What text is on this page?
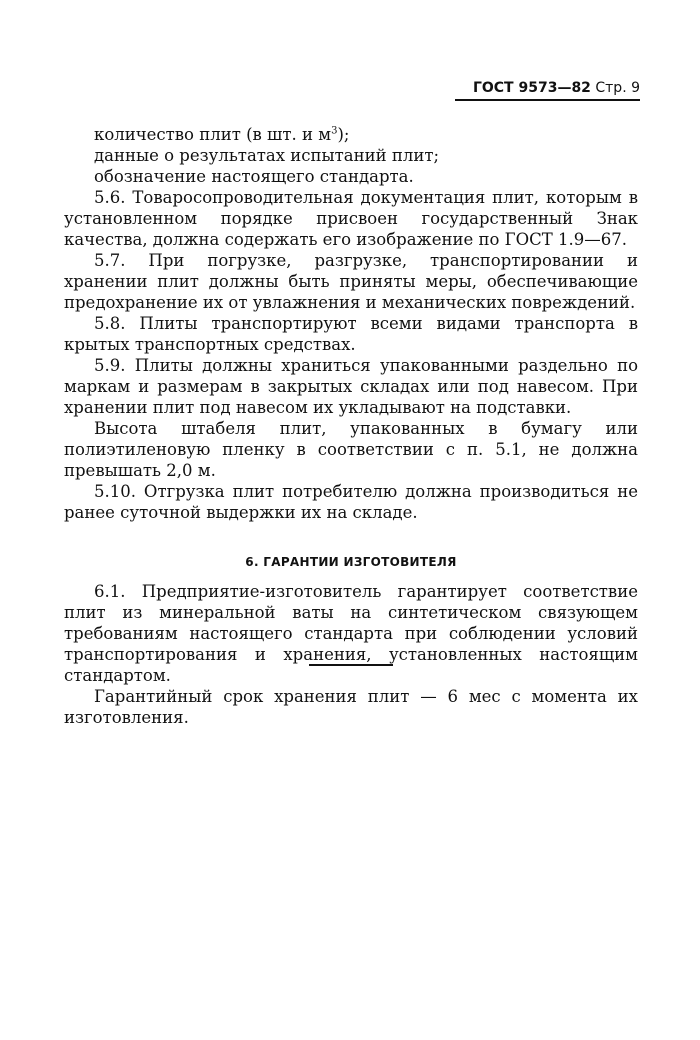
ГОСТ 9573—82 Стр. 9

количество плит (в шт. и $м^3$);

данные о результатах испытаний плит;

обозначение настоящего стандарта.

5.6. Товаросопроводительная документация плит, которым в установленном порядке присвоен государственный Знак качества, должна содержать его изображение по ГОСТ 1.9—67.

5.7. При погрузке, разгрузке, транспортировании и хранении плит должны быть приняты меры, обеспечивающие предохранение их от увлажнения и механических повреждений.

5.8. Плиты транспортируют всеми видами транспорта в крытых транспортных средствах.

5.9. Плиты должны храниться упакованными раздельно по маркам и размерам в закрытых складах или под навесом. При хранении плит под навесом их укладывают на подставки.

Высота штабеля плит, упакованных в бумагу или полиэтиленовую пленку в соответствии с п. 5.1, не должна превышать 2,0 м.

5.10. Отгрузка плит потребителю должна производиться не ранее суточной выдержки их на складе.

6. ГАРАНТИИ ИЗГОТОВИТЕЛЯ

6.1. Предприятие-изготовитель гарантирует соответствие плит из минеральной ваты на синтетическом связующем требованиям настоящего стандарта при соблюдении условий транспортирования и хранения, установленных настоящим стандартом.

Гарантийный срок хранения плит — 6 мес с момента их изготовления.
